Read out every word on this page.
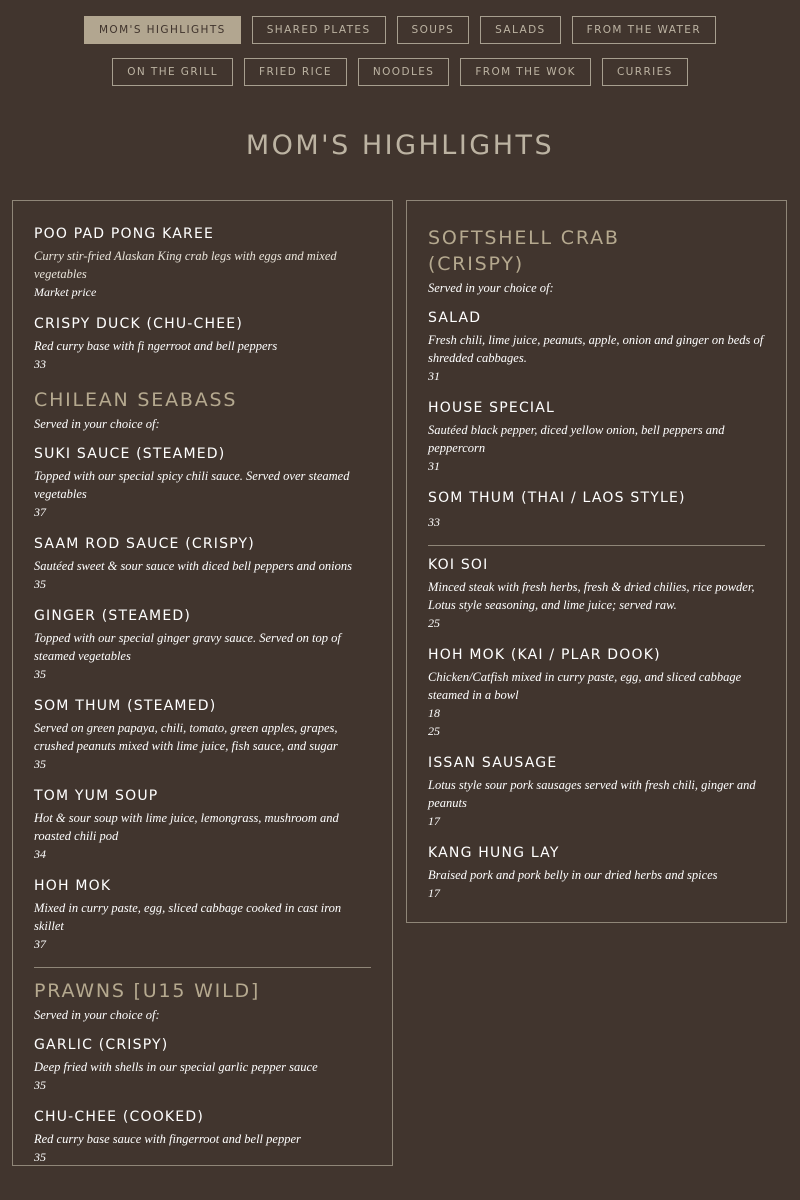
MOM'S HIGHLIGHTS	SHARED PLATES	SOUPS	SALADS	FROM THE WATER
ON THE GRILL	FRIED RICE	NOODLES	FROM THE WOK	CURRIES
MOM'S HIGHLIGHTS
POO PAD PONG KAREE
Curry stir-fried Alaskan King crab legs with eggs and mixed vegetables
Market price
CRISPY DUCK (CHU-CHEE)
Red curry base with fi ngerroot and bell peppers
33
CHILEAN SEABASS
Served in your choice of:
SUKI SAUCE (STEAMED)
Topped with our special spicy chili sauce. Served over steamed vegetables
37
SAAM ROD SAUCE (CRISPY)
Sautéed sweet & sour sauce with diced bell peppers and onions
35
GINGER (STEAMED)
Topped with our special ginger gravy sauce. Served on top of steamed vegetables
35
SOM THUM (STEAMED)
Served on green papaya, chili, tomato, green apples, grapes, crushed peanuts mixed with lime juice, fish sauce, and sugar
35
TOM YUM SOUP
Hot & sour soup with lime juice, lemongrass, mushroom and roasted chili pod
34
HOH MOK
Mixed in curry paste, egg, sliced cabbage cooked in cast iron skillet
37
PRAWNS [U15 WILD]
Served in your choice of:
GARLIC (CRISPY)
Deep fried with shells in our special garlic pepper sauce
35
CHU-CHEE (COOKED)
Red curry base sauce with fingerroot and bell pepper
35
SOFTSHELL CRAB
(CRISPY)
Served in your choice of:
SALAD
Fresh chili, lime juice, peanuts, apple, onion and ginger on beds of shredded cabbages.
31
HOUSE SPECIAL
Sautéed black pepper, diced yellow onion, bell peppers and peppercorn
31
SOM THUM (THAI / LAOS STYLE)
33
KOI SOI
Minced steak with fresh herbs, fresh & dried chilies, rice powder, Lotus style seasoning, and lime juice; served raw.
25
HOH MOK (KAI / PLAR DOOK)
Chicken/Catfish mixed in curry paste, egg, and sliced cabbage steamed in a bowl
18
25
ISSAN SAUSAGE
Lotus style sour pork sausages served with fresh chili, ginger and peanuts
17
KANG HUNG LAY
Braised pork and pork belly in our dried herbs and spices
17
